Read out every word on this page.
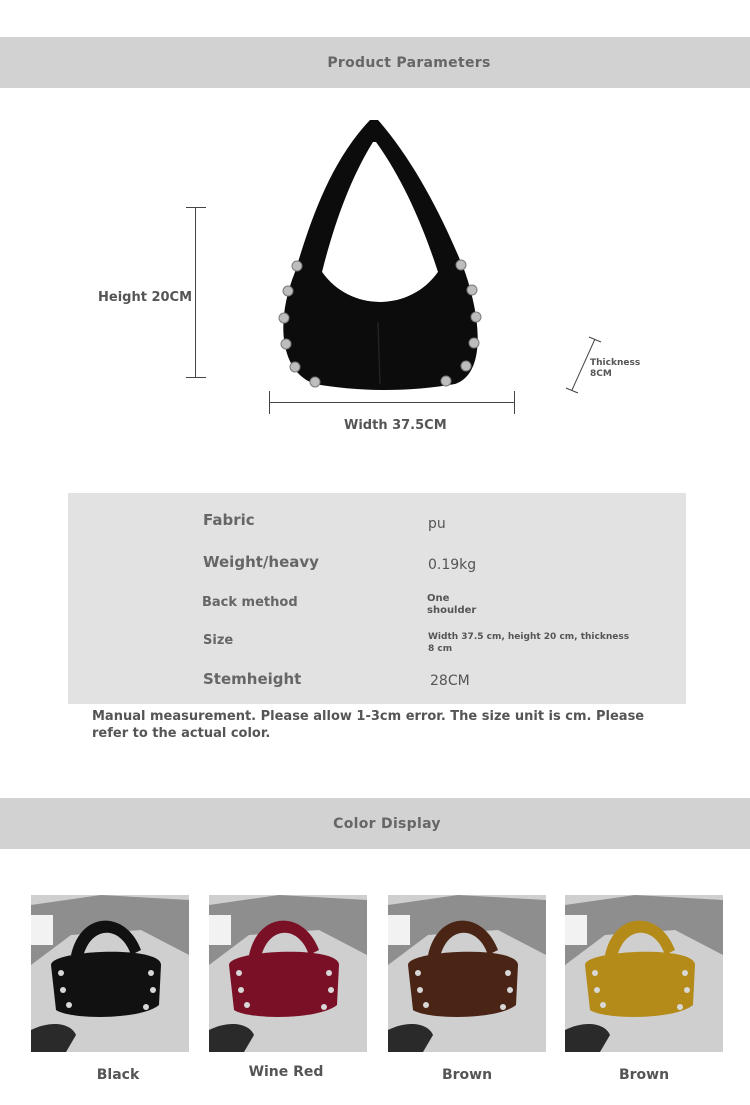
Product Parameters
Height 20CM
Width 37.5CM
Thickness
8CM
Fabric	pu
Weight/heavy	0.19kg
Back method	One
shoulder
Size	Width 37.5 cm, height 20 cm, thickness
8 cm
Stemheight	28CM
Manual measurement. Please allow 1-3cm error. The size unit is cm. Please refer to the actual color.
Color Display
Black	Wine Red	Brown	Brown
